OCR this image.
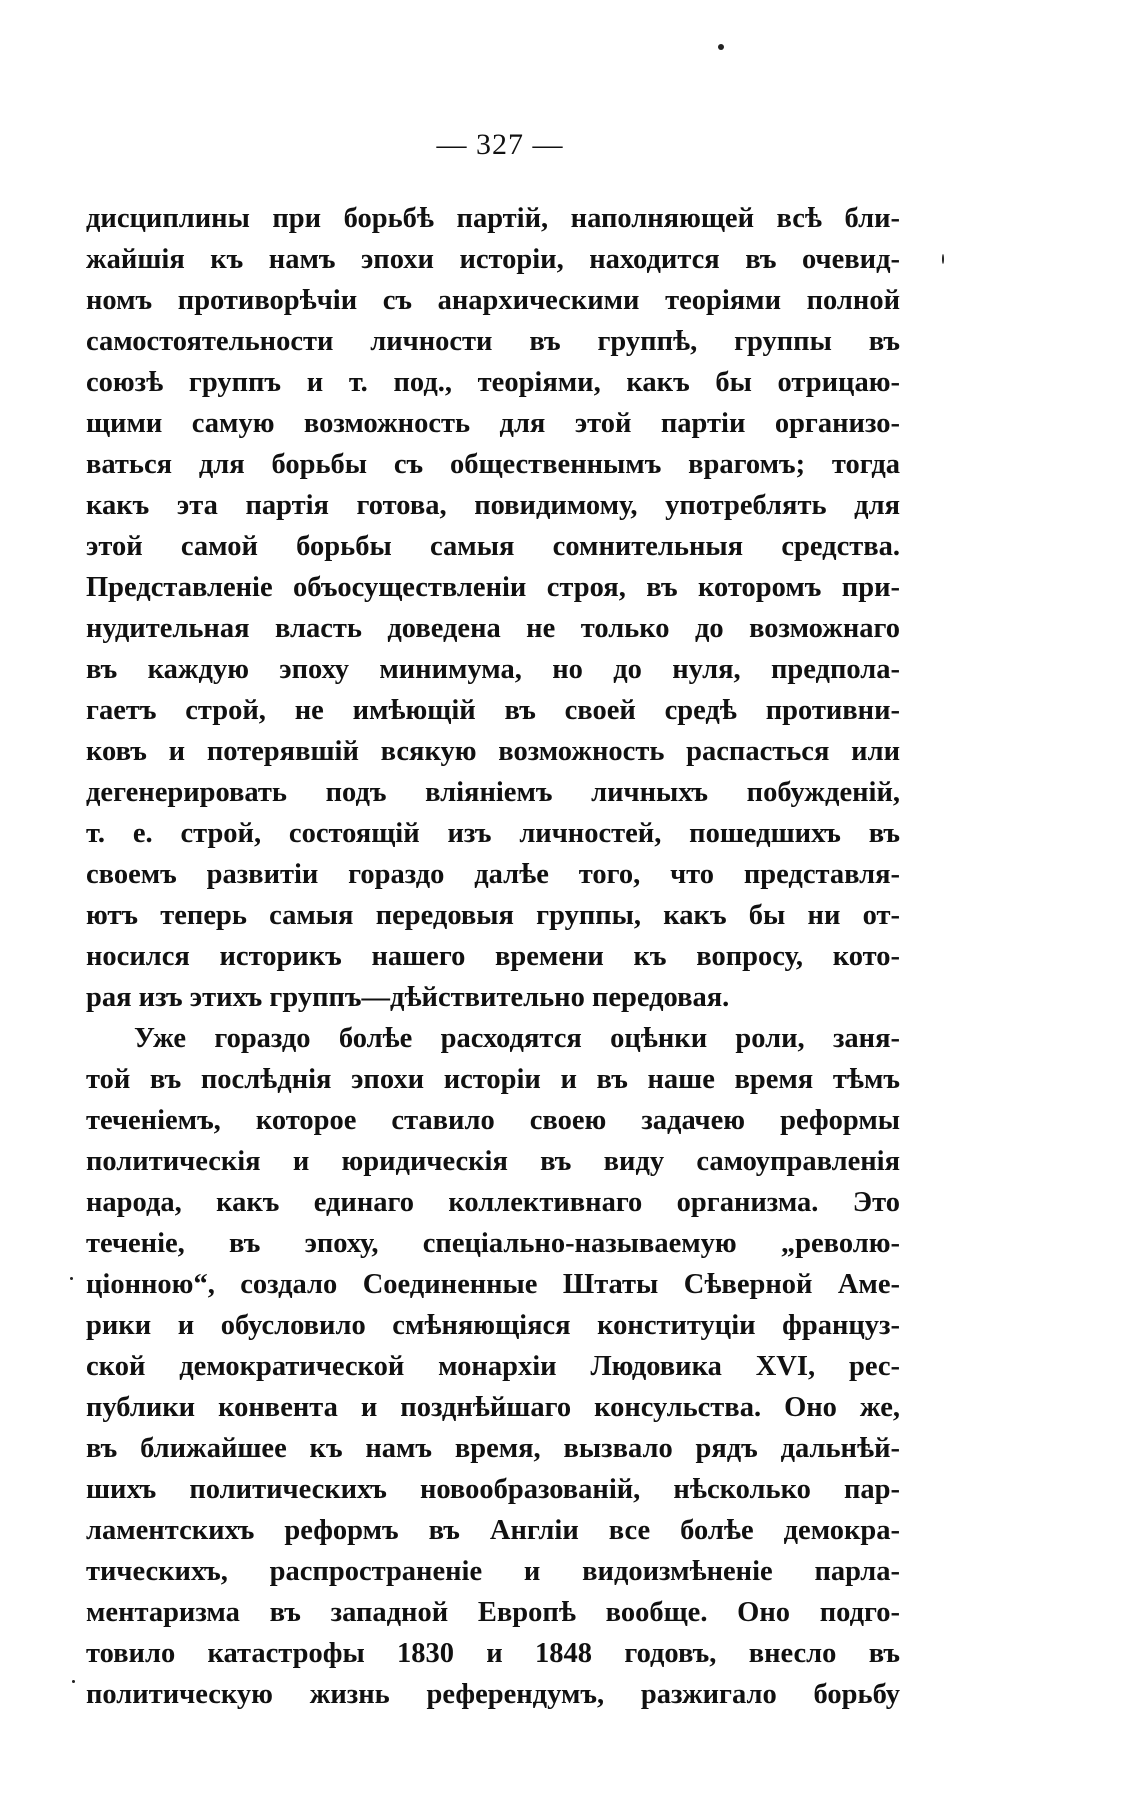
— 327 —
дисциплины при борьбѣ партій, наполняющей всѣ бли-
жайшія къ намъ эпохи исторіи, находится въ очевид-
номъ противорѣчіи съ анархическими теоріями полной
самостоятельности личности въ группѣ, группы въ
союзѣ группъ и т. под., теоріями, какъ бы отрицаю-
щими самую возможность для этой партіи организо-
ваться для борьбы съ общественнымъ врагомъ; тогда
какъ эта партія готова, повидимому, употреблять для
этой самой борьбы самыя сомнительныя средства.
Представленіе объосуществленіи строя, въ которомъ при-
нудительная власть доведена не только до возможнаго
въ каждую эпоху минимума, но до нуля, предпола-
гаетъ строй, не имѣющій въ своей средѣ противни-
ковъ и потерявшій всякую возможность распасться или
дегенерировать подъ вліяніемъ личныхъ побужденій,
т. е. строй, состоящій изъ личностей, пошедшихъ въ
своемъ развитіи гораздо далѣе того, что представля-
ютъ теперь самыя передовыя группы, какъ бы ни от-
носился историкъ нашего времени къ вопросу, кото-
рая изъ этихъ группъ—дѣйствительно передовая.
Уже гораздо болѣе расходятся оцѣнки роли, заня-
той въ послѣднія эпохи исторіи и въ наше время тѣмъ
теченіемъ, которое ставило своею задачею реформы
политическія и юридическія въ виду самоуправленія
народа, какъ единаго коллективнаго организма. Это
теченіе, въ эпоху, спеціально-называемую „револю-
ціонною“, создало Соединенные Штаты Сѣверной Аме-
рики и обусловило смѣняющіяся конституціи француз-
ской демократической монархіи Людовика XVI, рес-
публики конвента и позднѣйшаго консульства. Оно же,
въ ближайшее къ намъ время, вызвало рядъ дальнѣй-
шихъ политическихъ новообразованій, нѣсколько пар-
ламентскихъ реформъ въ Англіи все болѣе демокра-
тическихъ, распространеніе и видоизмѣненіе парла-
ментаризма въ западной Европѣ вообще. Оно подго-
товило катастрофы 1830 и 1848 годовъ, внесло въ
политическую жизнь референдумъ, разжигало борьбу
